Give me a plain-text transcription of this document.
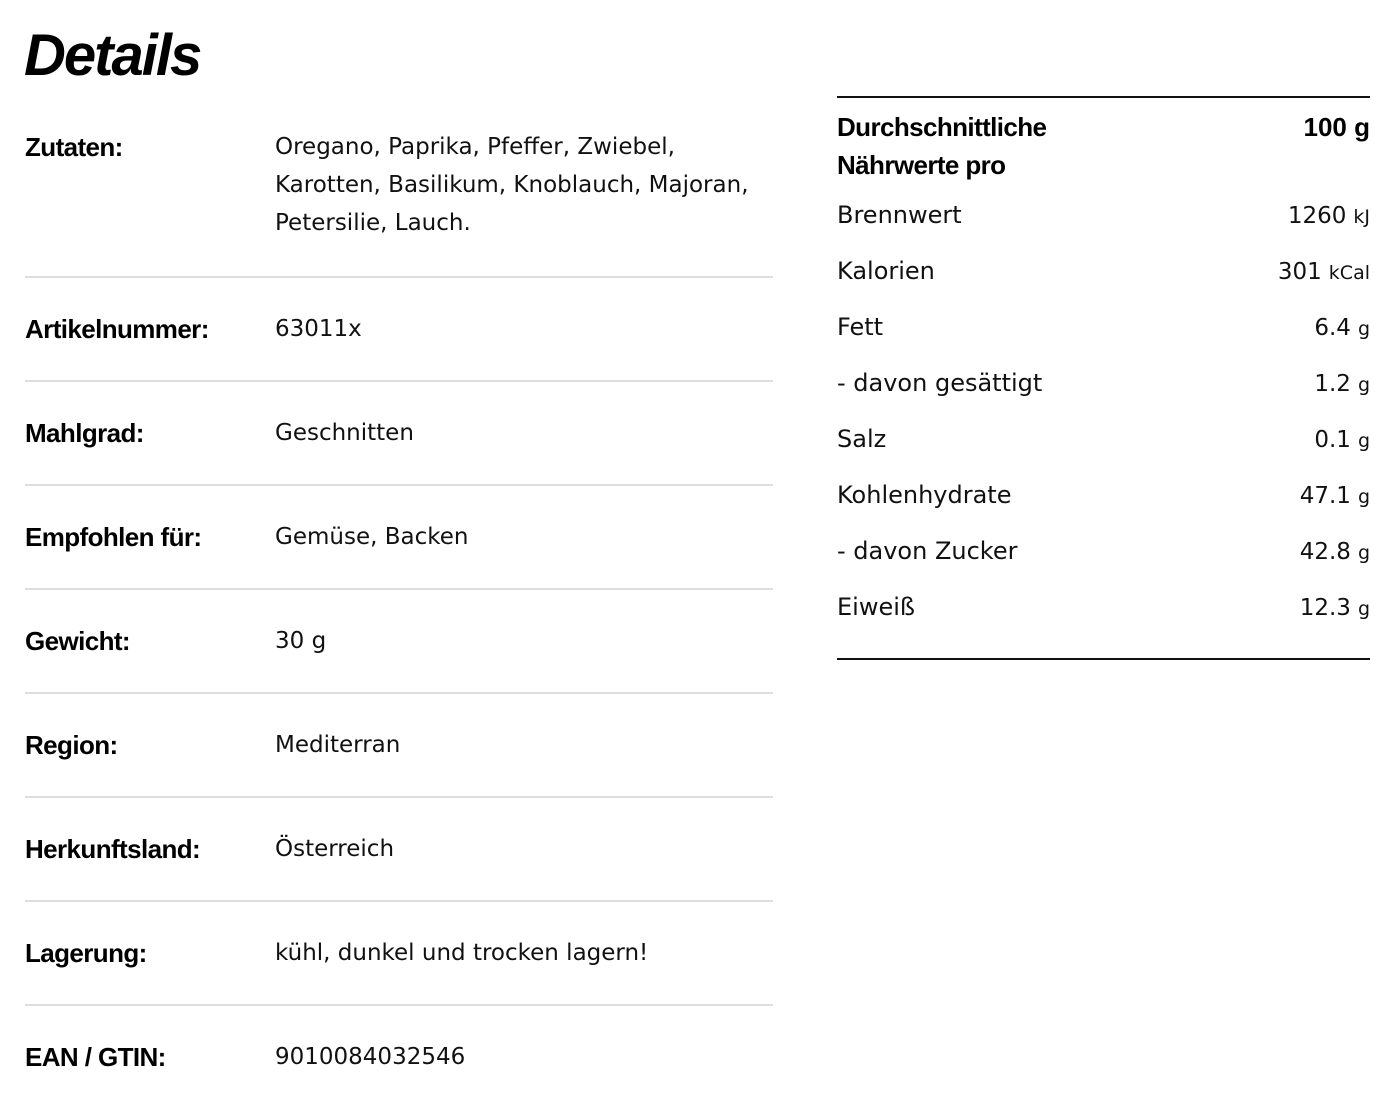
Details
Zutaten:	Oregano, Paprika, Pfeffer, Zwiebel, Karotten, Basilikum, Knoblauch, Majoran, Petersilie, Lauch.
Artikelnummer:	63011x
Mahlgrad:	Geschnitten
Empfohlen für:	Gemüse, Backen
Gewicht:	30 g
Region:	Mediterran
Herkunftsland:	Österreich
Lagerung:	kühl, dunkel und trocken lagern!
EAN / GTIN:	9010084032546
Durchschnittliche Nährwerte pro
100 g
Brennwert	1260 kJ
Kalorien	301 kCal
Fett	6.4 g
- davon gesättigt	1.2 g
Salz	0.1 g
Kohlenhydrate	47.1 g
- davon Zucker	42.8 g
Eiweiß	12.3 g
